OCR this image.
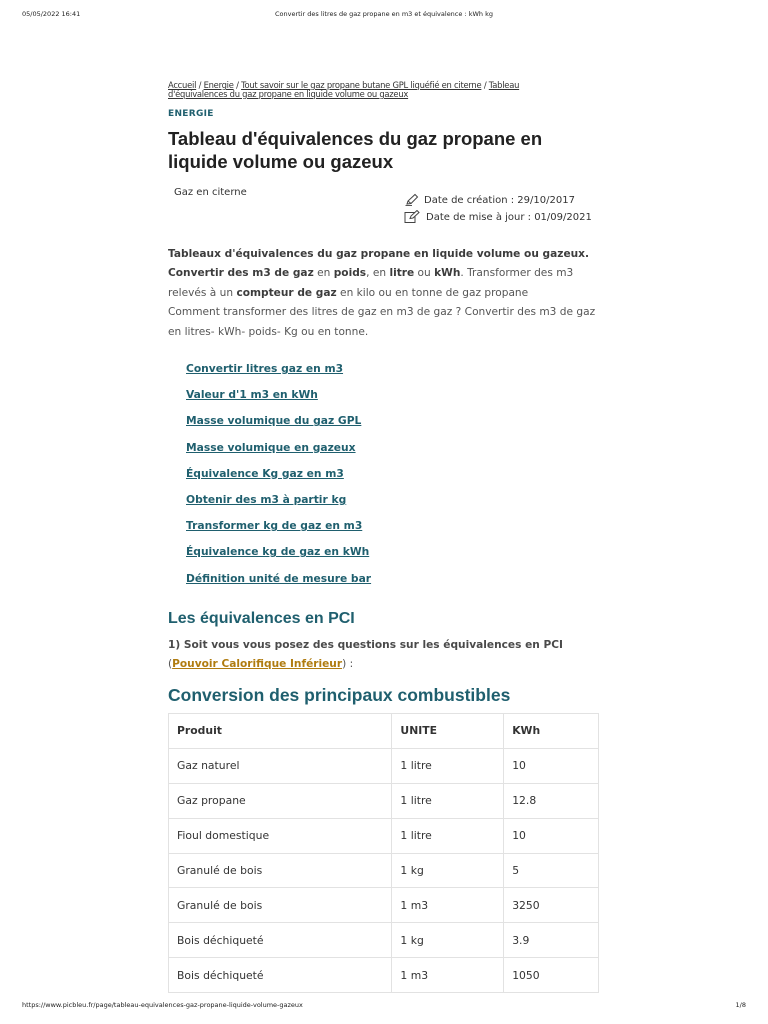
05/05/2022 16:41	Convertir des litres de gaz propane en m3 et équivalence : kWh kg
Accueil / Energie / Tout savoir sur le gaz propane butane GPL liquéfié en citerne / Tableau d'équivalences du gaz propane en liquide volume ou gazeux
ENERGIE
Tableau d'équivalences du gaz propane en liquide volume ou gazeux
Gaz en citerne
Date de création : 29/10/2017
Date de mise à jour : 01/09/2021
Tableaux d'équivalences du gaz propane en liquide volume ou gazeux. Convertir des m3 de gaz en poids, en litre ou kWh. Transformer des m3 relevés à un compteur de gaz en kilo ou en tonne de gaz propane
Comment transformer des litres de gaz en m3 de gaz ? Convertir des m3 de gaz en litres- kWh- poids- Kg ou en tonne.
Convertir litres gaz en m3
Valeur d'1 m3 en kWh
Masse volumique du gaz GPL
Masse volumique en gazeux
Équivalence Kg gaz en m3
Obtenir des m3 à partir kg
Transformer kg de gaz en m3
Équivalence kg de gaz en kWh
Définition unité de mesure bar
Les équivalences en PCI
1) Soit vous vous posez des questions sur les équivalences en PCI (Pouvoir Calorifique Inférieur) :
Conversion des principaux combustibles
Produit	UNITE	KWh
Gaz naturel	1 litre	10
Gaz propane	1 litre	12.8
Fioul domestique	1 litre	10
Granulé de bois	1 kg	5
Granulé de bois	1 m3	3250
Bois déchiqueté	1 kg	3.9
Bois déchiqueté	1 m3	1050
https://www.picbleu.fr/page/tableau-equivalences-gaz-propane-liquide-volume-gazeux	1/8
